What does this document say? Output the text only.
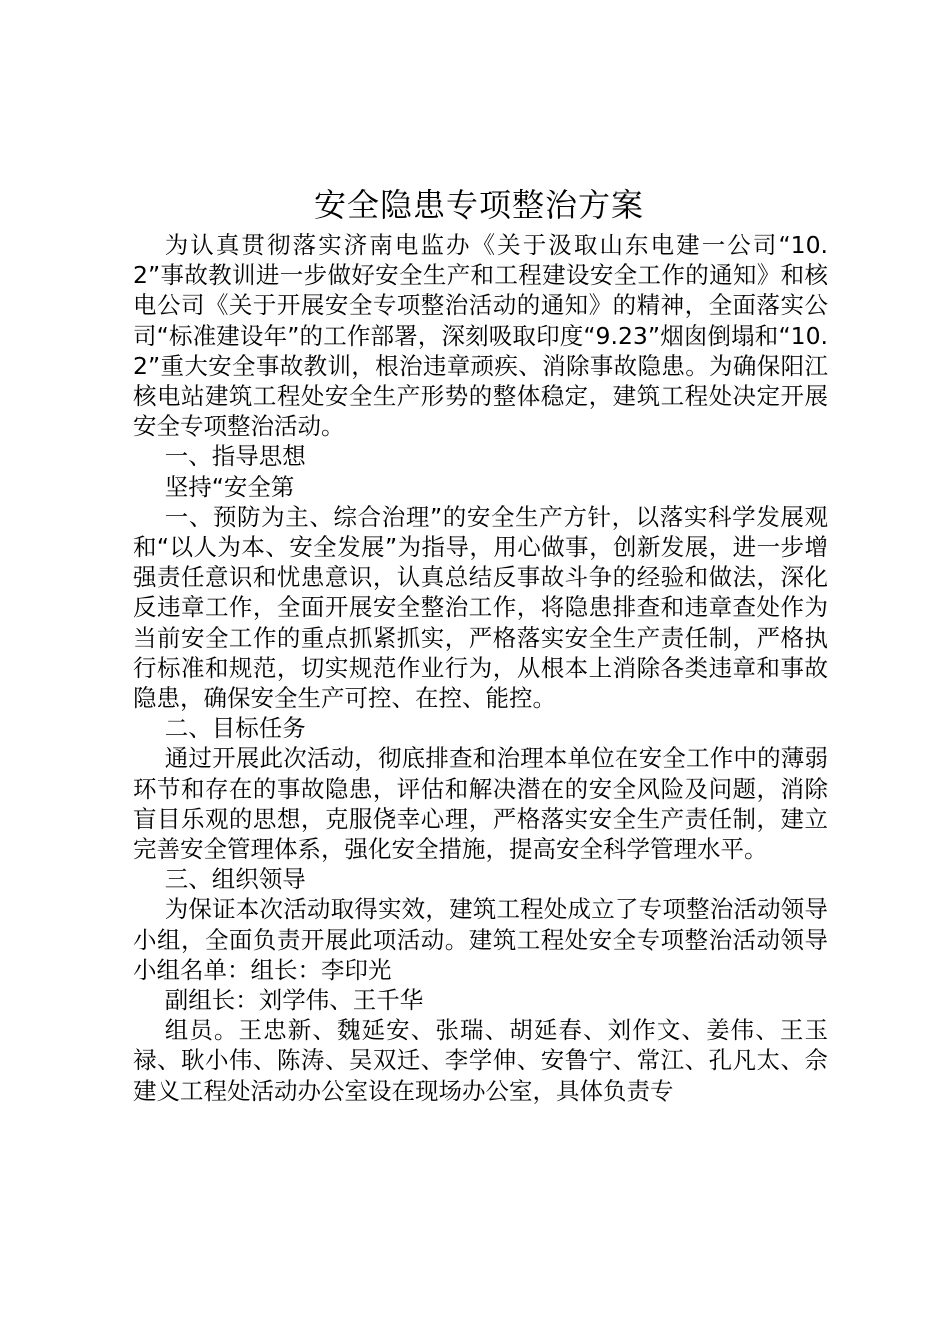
安全隐患专项整治方案

为认真贯彻落实济南电监办《关于汲取山东电建一公司“10.2”事故教训进一步做好安全生产和工程建设安全工作的通知》和核电公司《关于开展安全专项整治活动的通知》的精神，全面落实公司“标准建设年”的工作部署，深刻吸取印度“9.23”烟囱倒塌和“10.2”重大安全事故教训，根治违章顽疾、消除事故隐患。为确保阳江核电站建筑工程处安全生产形势的整体稳定，建筑工程处决定开展安全专项整治活动。

一、指导思想

坚持“安全第

一、预防为主、综合治理”的安全生产方针，以落实科学发展观和“以人为本、安全发展”为指导，用心做事，创新发展，进一步增强责任意识和忧患意识，认真总结反事故斗争的经验和做法，深化反违章工作，全面开展安全整治工作，将隐患排查和违章查处作为当前安全工作的重点抓紧抓实，严格落实安全生产责任制，严格执行标准和规范，切实规范作业行为，从根本上消除各类违章和事故隐患，确保安全生产可控、在控、能控。

二、目标任务

通过开展此次活动，彻底排查和治理本单位在安全工作中的薄弱环节和存在的事故隐患，评估和解决潜在的安全风险及问题，消除盲目乐观的思想，克服侥幸心理，严格落实安全生产责任制，建立完善安全管理体系，强化安全措施，提高安全科学管理水平。

三、组织领导

为保证本次活动取得实效，建筑工程处成立了专项整治活动领导小组，全面负责开展此项活动。建筑工程处安全专项整治活动领导小组名单：组长：李印光

副组长：刘学伟、王千华

组员。王忠新、魏延安、张瑞、胡延春、刘作文、姜伟、王玉禄、耿小伟、陈涛、吴双迁、李学伸、安鲁宁、常江、孔凡太、佘建义工程处活动办公室设在现场办公室，具体负责专
